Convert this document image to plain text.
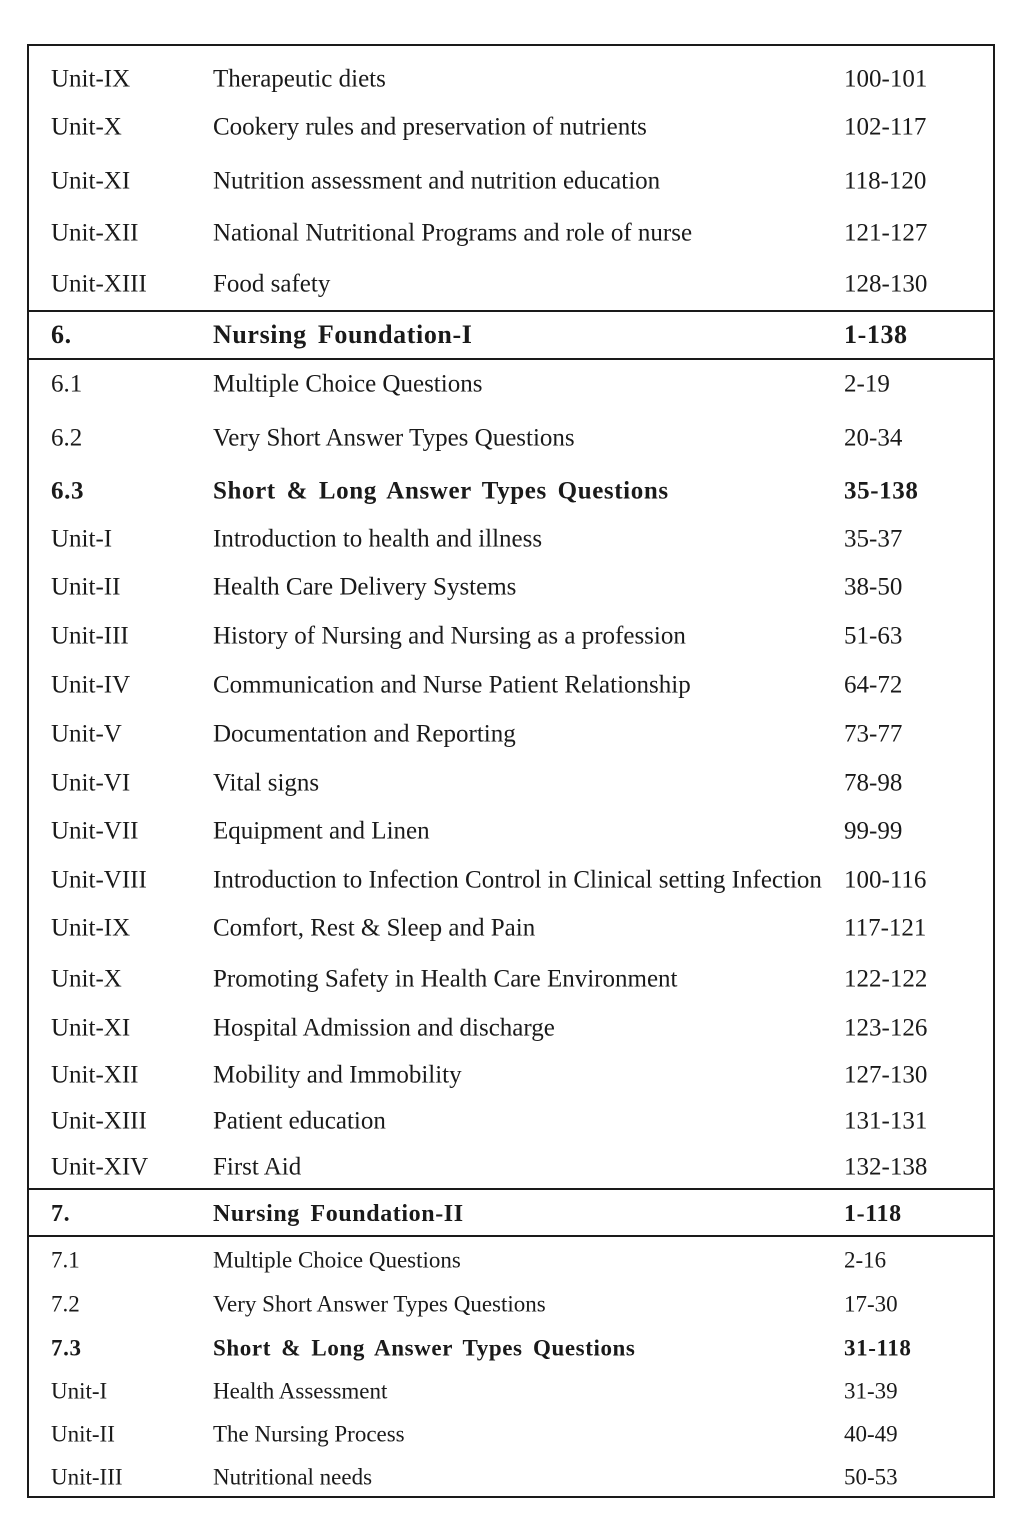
Unit-IX	Therapeutic diets	100-101
Unit-X	Cookery rules and preservation of nutrients	102-117
Unit-XI	Nutrition assessment and nutrition education	118-120
Unit-XII	National Nutritional Programs and role of nurse	121-127
Unit-XIII	Food safety	128-130
6.	Nursing Foundation-I	1-138
6.1	Multiple Choice Questions	2-19
6.2	Very Short Answer Types Questions	20-34
6.3	Short & Long Answer Types Questions	35-138
Unit-I	Introduction to health and illness	35-37
Unit-II	Health Care Delivery Systems	38-50
Unit-III	History of Nursing and Nursing as a profession	51-63
Unit-IV	Communication and Nurse Patient Relationship	64-72
Unit-V	Documentation and Reporting	73-77
Unit-VI	Vital signs	78-98
Unit-VII	Equipment and Linen	99-99
Unit-VIII	Introduction to Infection Control in Clinical setting Infection 100-116
Unit-IX	Comfort, Rest & Sleep and Pain	117-121
Unit-X	Promoting Safety in Health Care Environment	122-122
Unit-XI	Hospital Admission and discharge	123-126
Unit-XII	Mobility and Immobility	127-130
Unit-XIII	Patient education	131-131
Unit-XIV	First Aid	132-138
7.	Nursing Foundation-II	1-118
7.1	Multiple Choice Questions	2-16
7.2	Very Short Answer Types Questions	17-30
7.3	Short & Long Answer Types Questions	31-118
Unit-I	Health Assessment	31-39
Unit-II	The Nursing Process	40-49
Unit-III	Nutritional needs	50-53
